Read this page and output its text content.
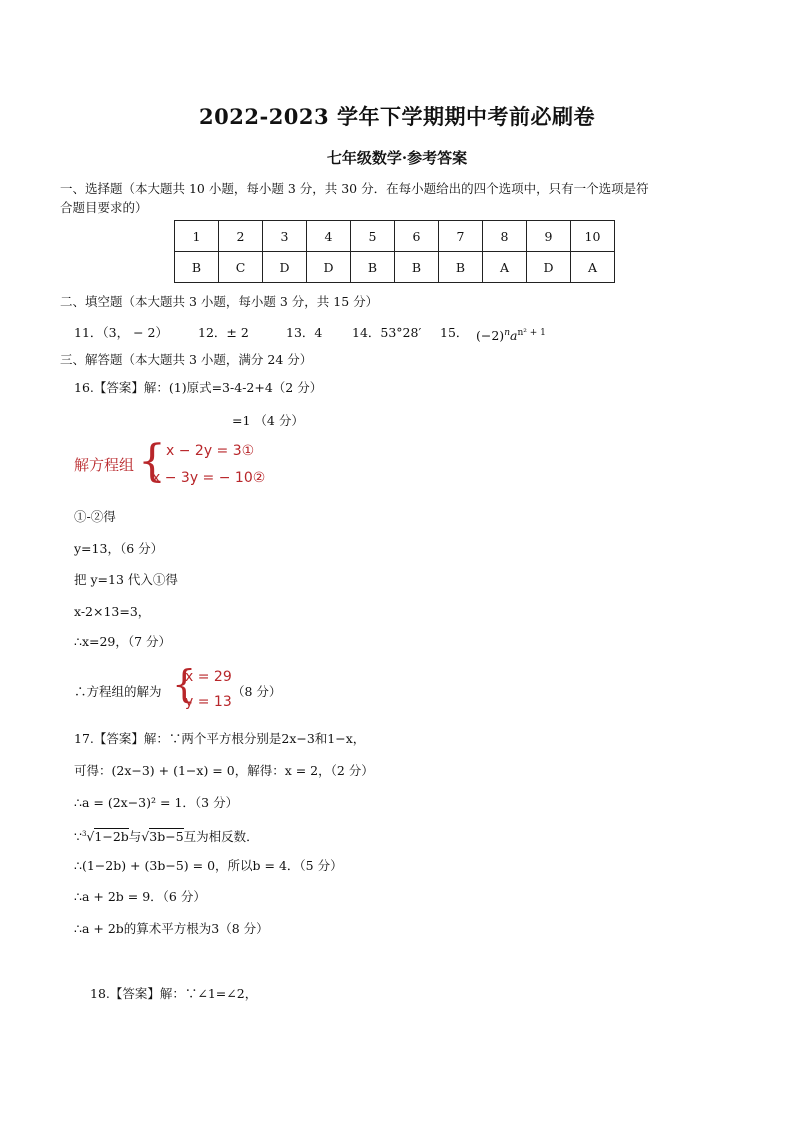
2022-2023 学年下学期期中考前必刷卷
七年级数学·参考答案
一、选择题（本大题共 10 小题，每小题 3 分，共 30 分．在每小题给出的四个选项中，只有一个选项是符
合题目要求的）
1	2	3	4	5	6	7	8	9	10
B	C	D	D	B	B	B	A	D	A
二、填空题（本大题共 3 小题，每小题 3 分，共 15 分）
11．（3， − 2） 12．± 2	13．4 14．53°28′ 15． $(-2)^na^{n^2 + 1}$
三、解答题（本大题共 3 小题，满分 24 分）
16.【答案】解：(1)原式=3-4-2+4（2 分）
=1 （4 分）
解方程组 { x − 2y = 3①
x − 3y = − 10②
①-②得
y=13，（6 分）
把 y=13 代入①得
x-2×13=3，
∴x=29，（7 分）
∴方程组的解为 {
x = 29
y = 13
（8 分）
17.【答案】解：∵两个平方根分别是2x−3和1−x，
可得：(2x−3) + (1−x) = 0，解得：x = 2，（2 分）
∴a = (2x−3)² = 1．（3 分）
∵$^3$√1−2b与√3b−5互为相反数．
∴(1−2b) + (3b−5) = 0，所以b = 4．（5 分）
∴a + 2b = 9．（6 分）
∴a + 2b的算术平方根为3（8 分）
18.【答案】解：∵∠1=∠2，
